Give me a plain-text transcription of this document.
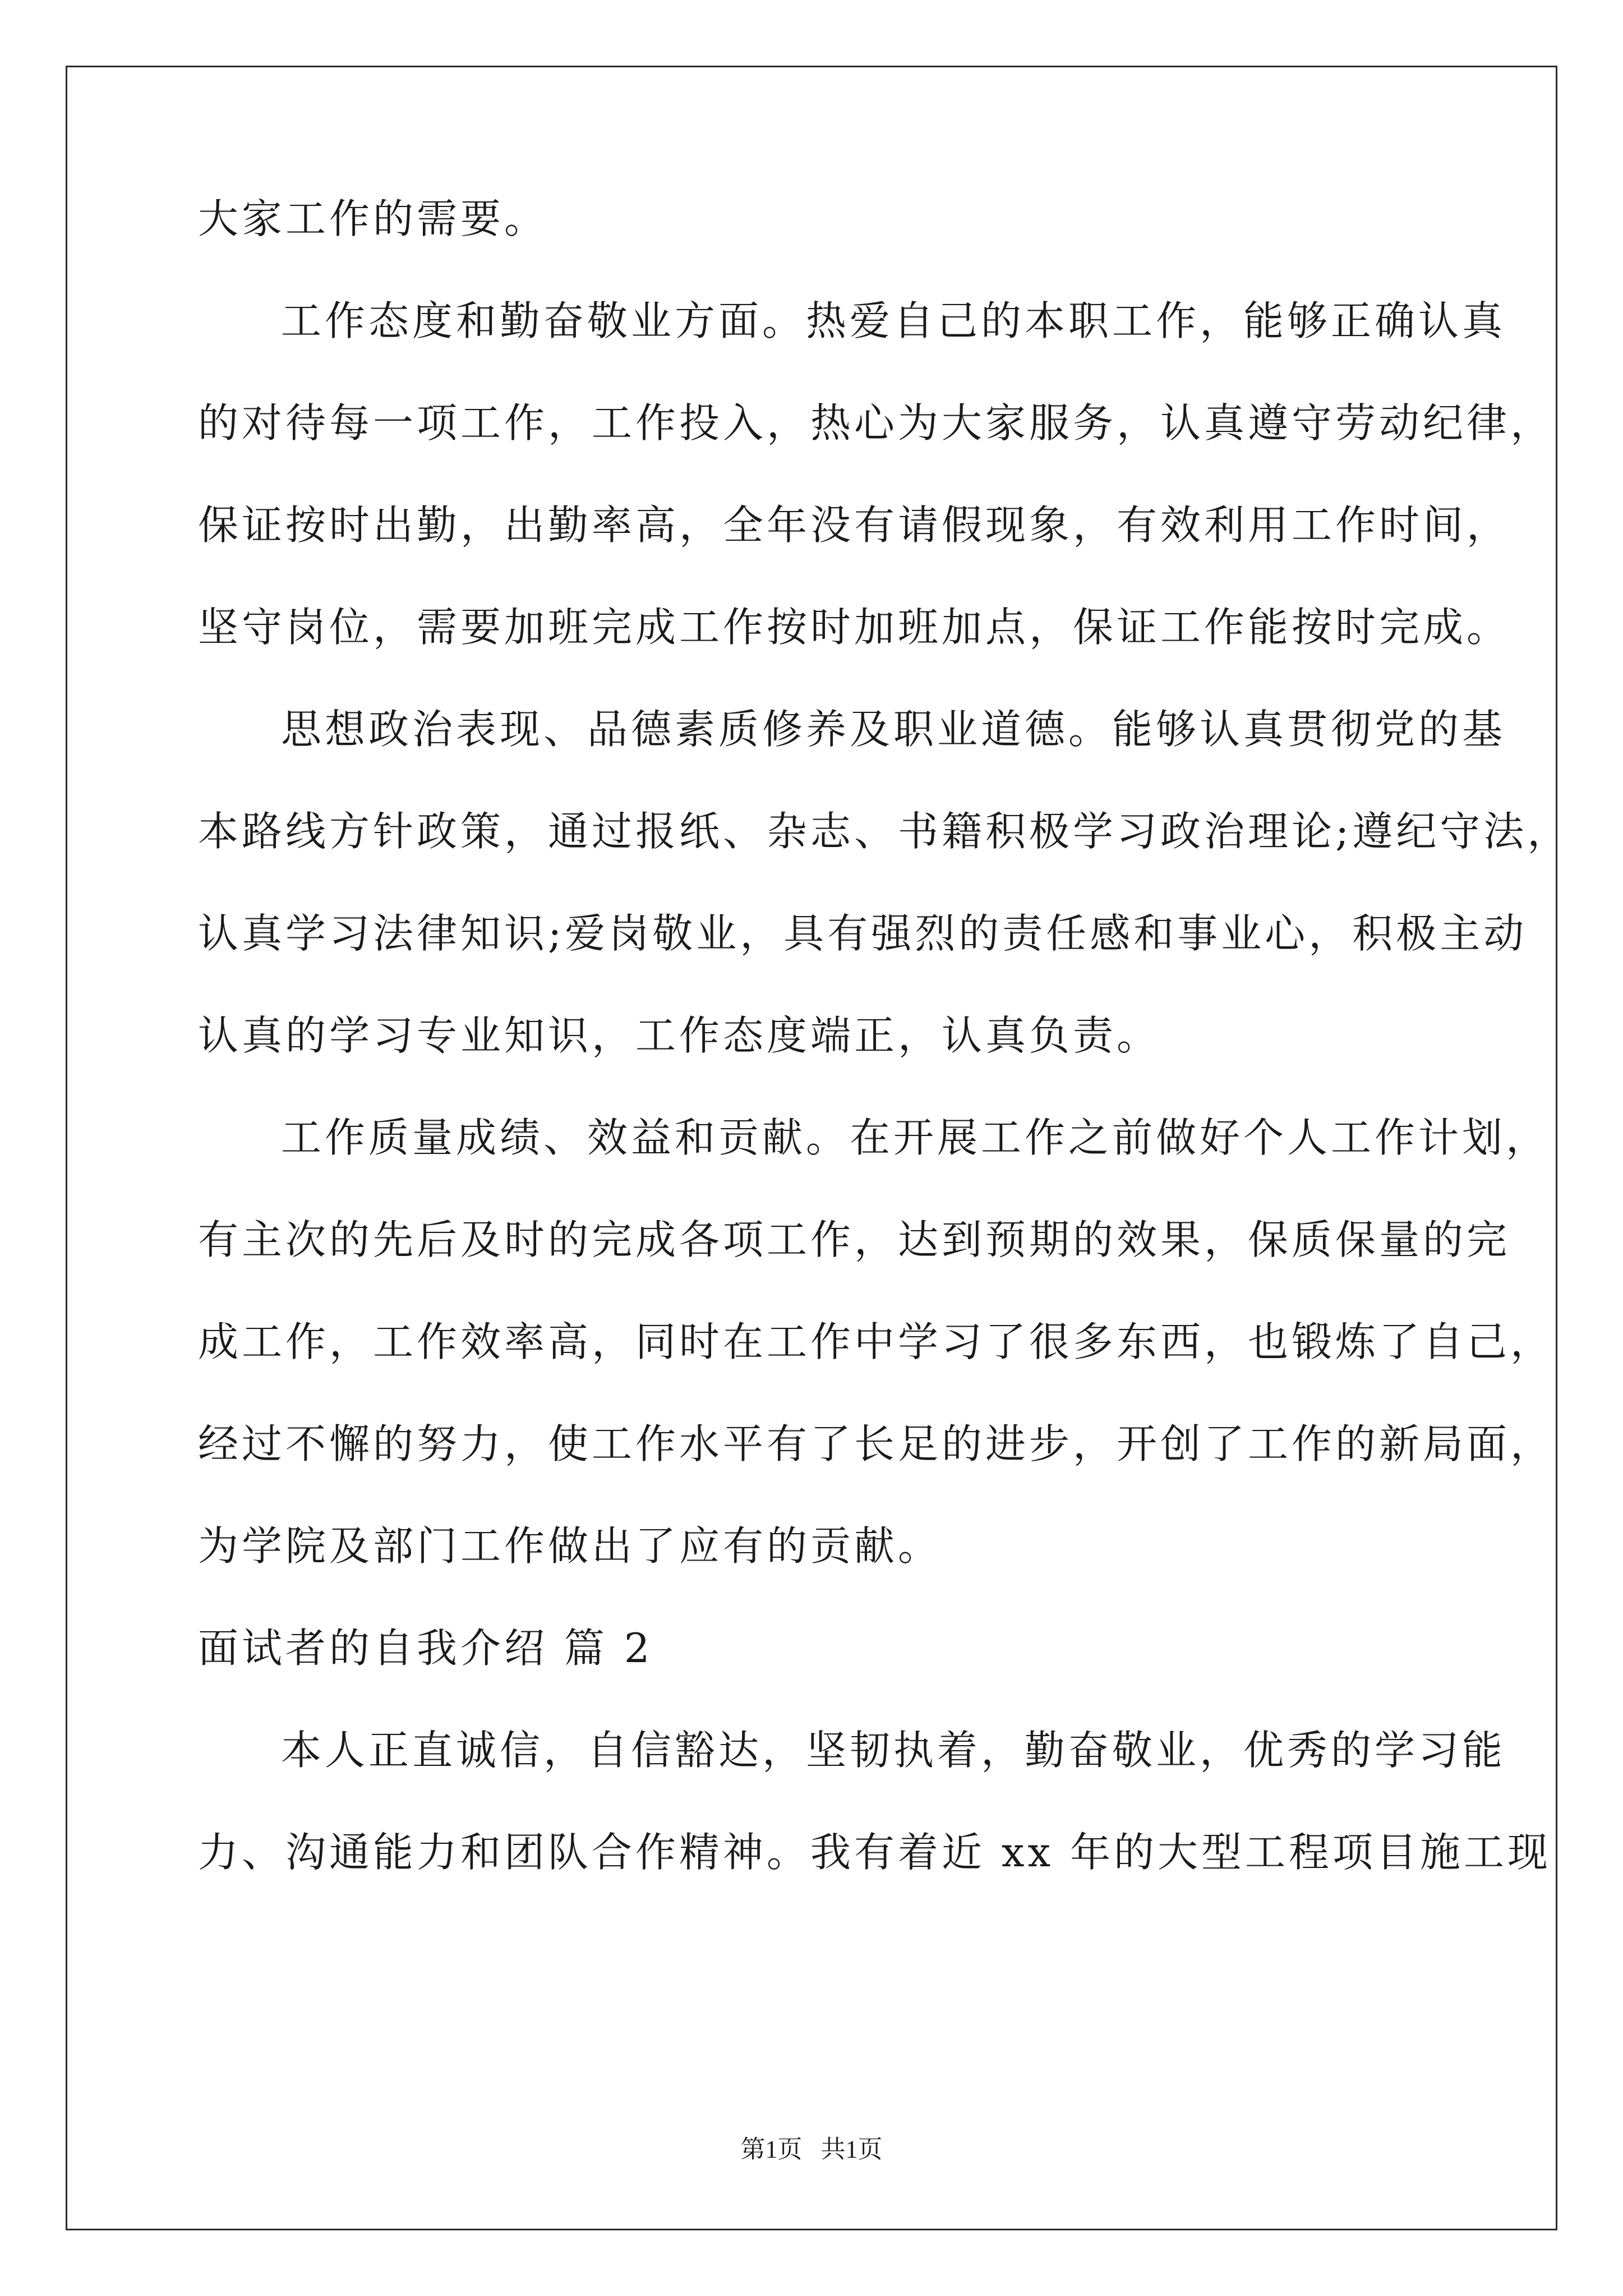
大家工作的需要。
工作态度和勤奋敬业方面。热爱自己的本职工作，能够正确认真
的对待每一项工作，工作投入，热心为大家服务，认真遵守劳动纪律，
保证按时出勤，出勤率高，全年没有请假现象，有效利用工作时间，
坚守岗位，需要加班完成工作按时加班加点，保证工作能按时完成。
思想政治表现、品德素质修养及职业道德。能够认真贯彻党的基
本路线方针政策，通过报纸、杂志、书籍积极学习政治理论;遵纪守法，
认真学习法律知识;爱岗敬业，具有强烈的责任感和事业心，积极主动
认真的学习专业知识，工作态度端正，认真负责。
工作质量成绩、效益和贡献。在开展工作之前做好个人工作计划，
有主次的先后及时的完成各项工作，达到预期的效果，保质保量的完
成工作，工作效率高，同时在工作中学习了很多东西，也锻炼了自己，
经过不懈的努力，使工作水平有了长足的进步，开创了工作的新局面，
为学院及部门工作做出了应有的贡献。
面试者的自我介绍 篇 2
本人正直诚信，自信豁达，坚韧执着，勤奋敬业，优秀的学习能
力、沟通能力和团队合作精神。我有着近 xx 年的大型工程项目施工现
第1页   共1页
